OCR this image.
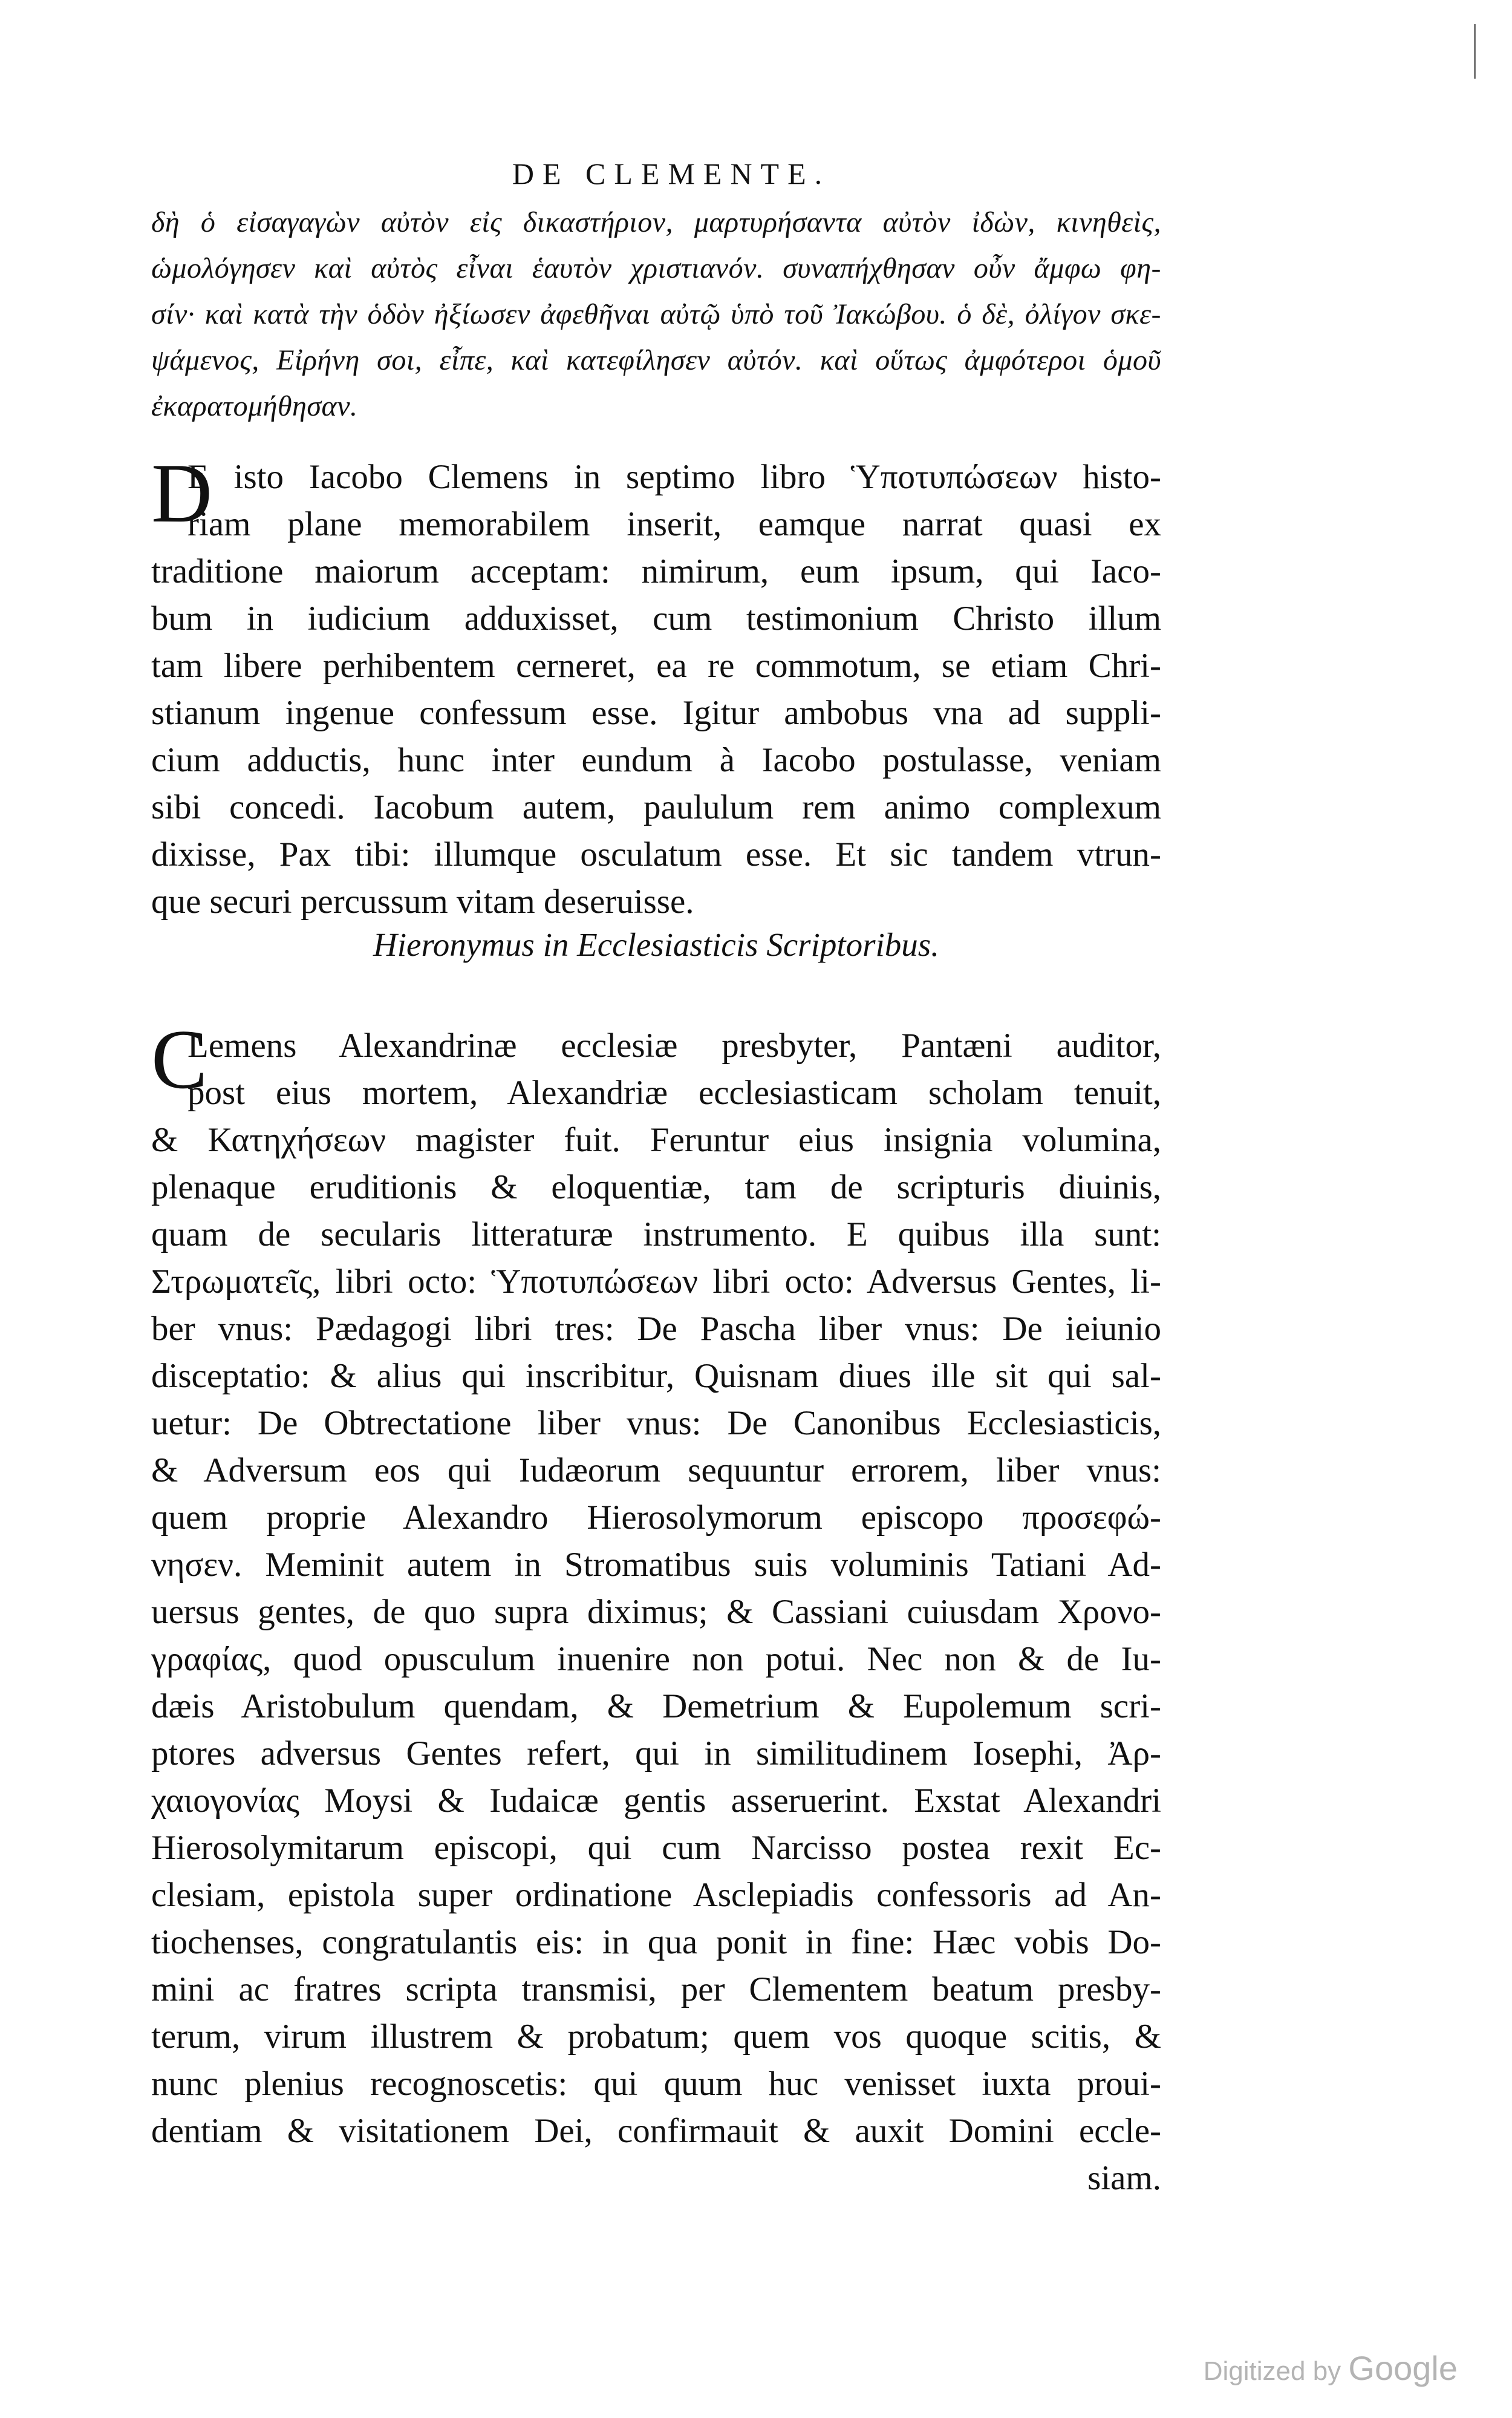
DE CLEMENTE.
δὴ ὁ εἰσαγαγὼν αὐτὸν εἰς δικαστήριον, μαρτυρήσαντα αὐτὸν ἰδὼν, κινηθεὶς,
ὡμολόγησεν καὶ αὐτὸς εἶναι ἑαυτὸν χριστιανόν. συναπήχθησαν οὖν ἄμφω φη-
σίν· καὶ κατὰ τὴν ὁδὸν ἠξίωσεν ἀφεθῆναι αὐτῷ ὑπὸ τοῦ Ἰακώβου. ὁ δὲ, ὀλίγον σκε-
ψάμενος, Εἰρήνη σοι, εἶπε, καὶ κατεφίλησεν αὐτόν. καὶ οὕτως ἀμφότεροι ὁμοῦ
ἐκαρατομήθησαν.
D
E isto Iacobo Clemens in septimo libro Ὑποτυπώσεων histo-
riam plane memorabilem inserit, eamque narrat quasi ex
traditione maiorum acceptam: nimirum, eum ipsum, qui Iaco-
bum in iudicium adduxisset, cum testimonium Christo illum
tam libere perhibentem cerneret, ea re commotum, se etiam Chri-
stianum ingenue confessum esse. Igitur ambobus vna ad suppli-
cium adductis, hunc inter eundum à Iacobo postulasse, veniam
sibi concedi. Iacobum autem, paululum rem animo complexum
dixisse, Pax tibi: illumque osculatum esse. Et sic tandem vtrun-
que securi percussum vitam deseruisse.
Hieronymus in Ecclesiasticis Scriptoribus.
C
Lemens Alexandrinæ ecclesiæ presbyter, Pantæni auditor,
post eius mortem, Alexandriæ ecclesiasticam scholam tenuit,
& Κατηχήσεων magister fuit. Feruntur eius insignia volumina,
plenaque eruditionis & eloquentiæ, tam de scripturis diuinis,
quam de secularis litteraturæ instrumento. E quibus illa sunt:
Στρωματεῖς, libri octo: Ὑποτυπώσεων libri octo: Adversus Gentes, li-
ber vnus: Pædagogi libri tres: De Pascha liber vnus: De ieiunio
disceptatio: & alius qui inscribitur, Quisnam diues ille sit qui sal-
uetur: De Obtrectatione liber vnus: De Canonibus Ecclesiasticis,
& Adversum eos qui Iudæorum sequuntur errorem, liber vnus:
quem proprie Alexandro Hierosolymorum episcopo προσεφώ-
νησεν. Meminit autem in Stromatibus suis voluminis Tatiani Ad-
uersus gentes, de quo supra diximus; & Cassiani cuiusdam Χρονο-
γραφίας, quod opusculum inuenire non potui. Nec non & de Iu-
dæis Aristobulum quendam, & Demetrium & Eupolemum scri-
ptores adversus Gentes refert, qui in similitudinem Iosephi, Ἀρ-
χαιογονίας Moysi & Iudaicæ gentis asseruerint. Exstat Alexandri
Hierosolymitarum episcopi, qui cum Narcisso postea rexit Ec-
clesiam, epistola super ordinatione Asclepiadis confessoris ad An-
tiochenses, congratulantis eis: in qua ponit in fine: Hæc vobis Do-
mini ac fratres scripta transmisi, per Clementem beatum presby-
terum, virum illustrem & probatum; quem vos quoque scitis, &
nunc plenius recognoscetis: qui quum huc venisset iuxta proui-
dentiam & visitationem Dei, confirmauit & auxit Domini eccle-
siam.
Digitized by Google
